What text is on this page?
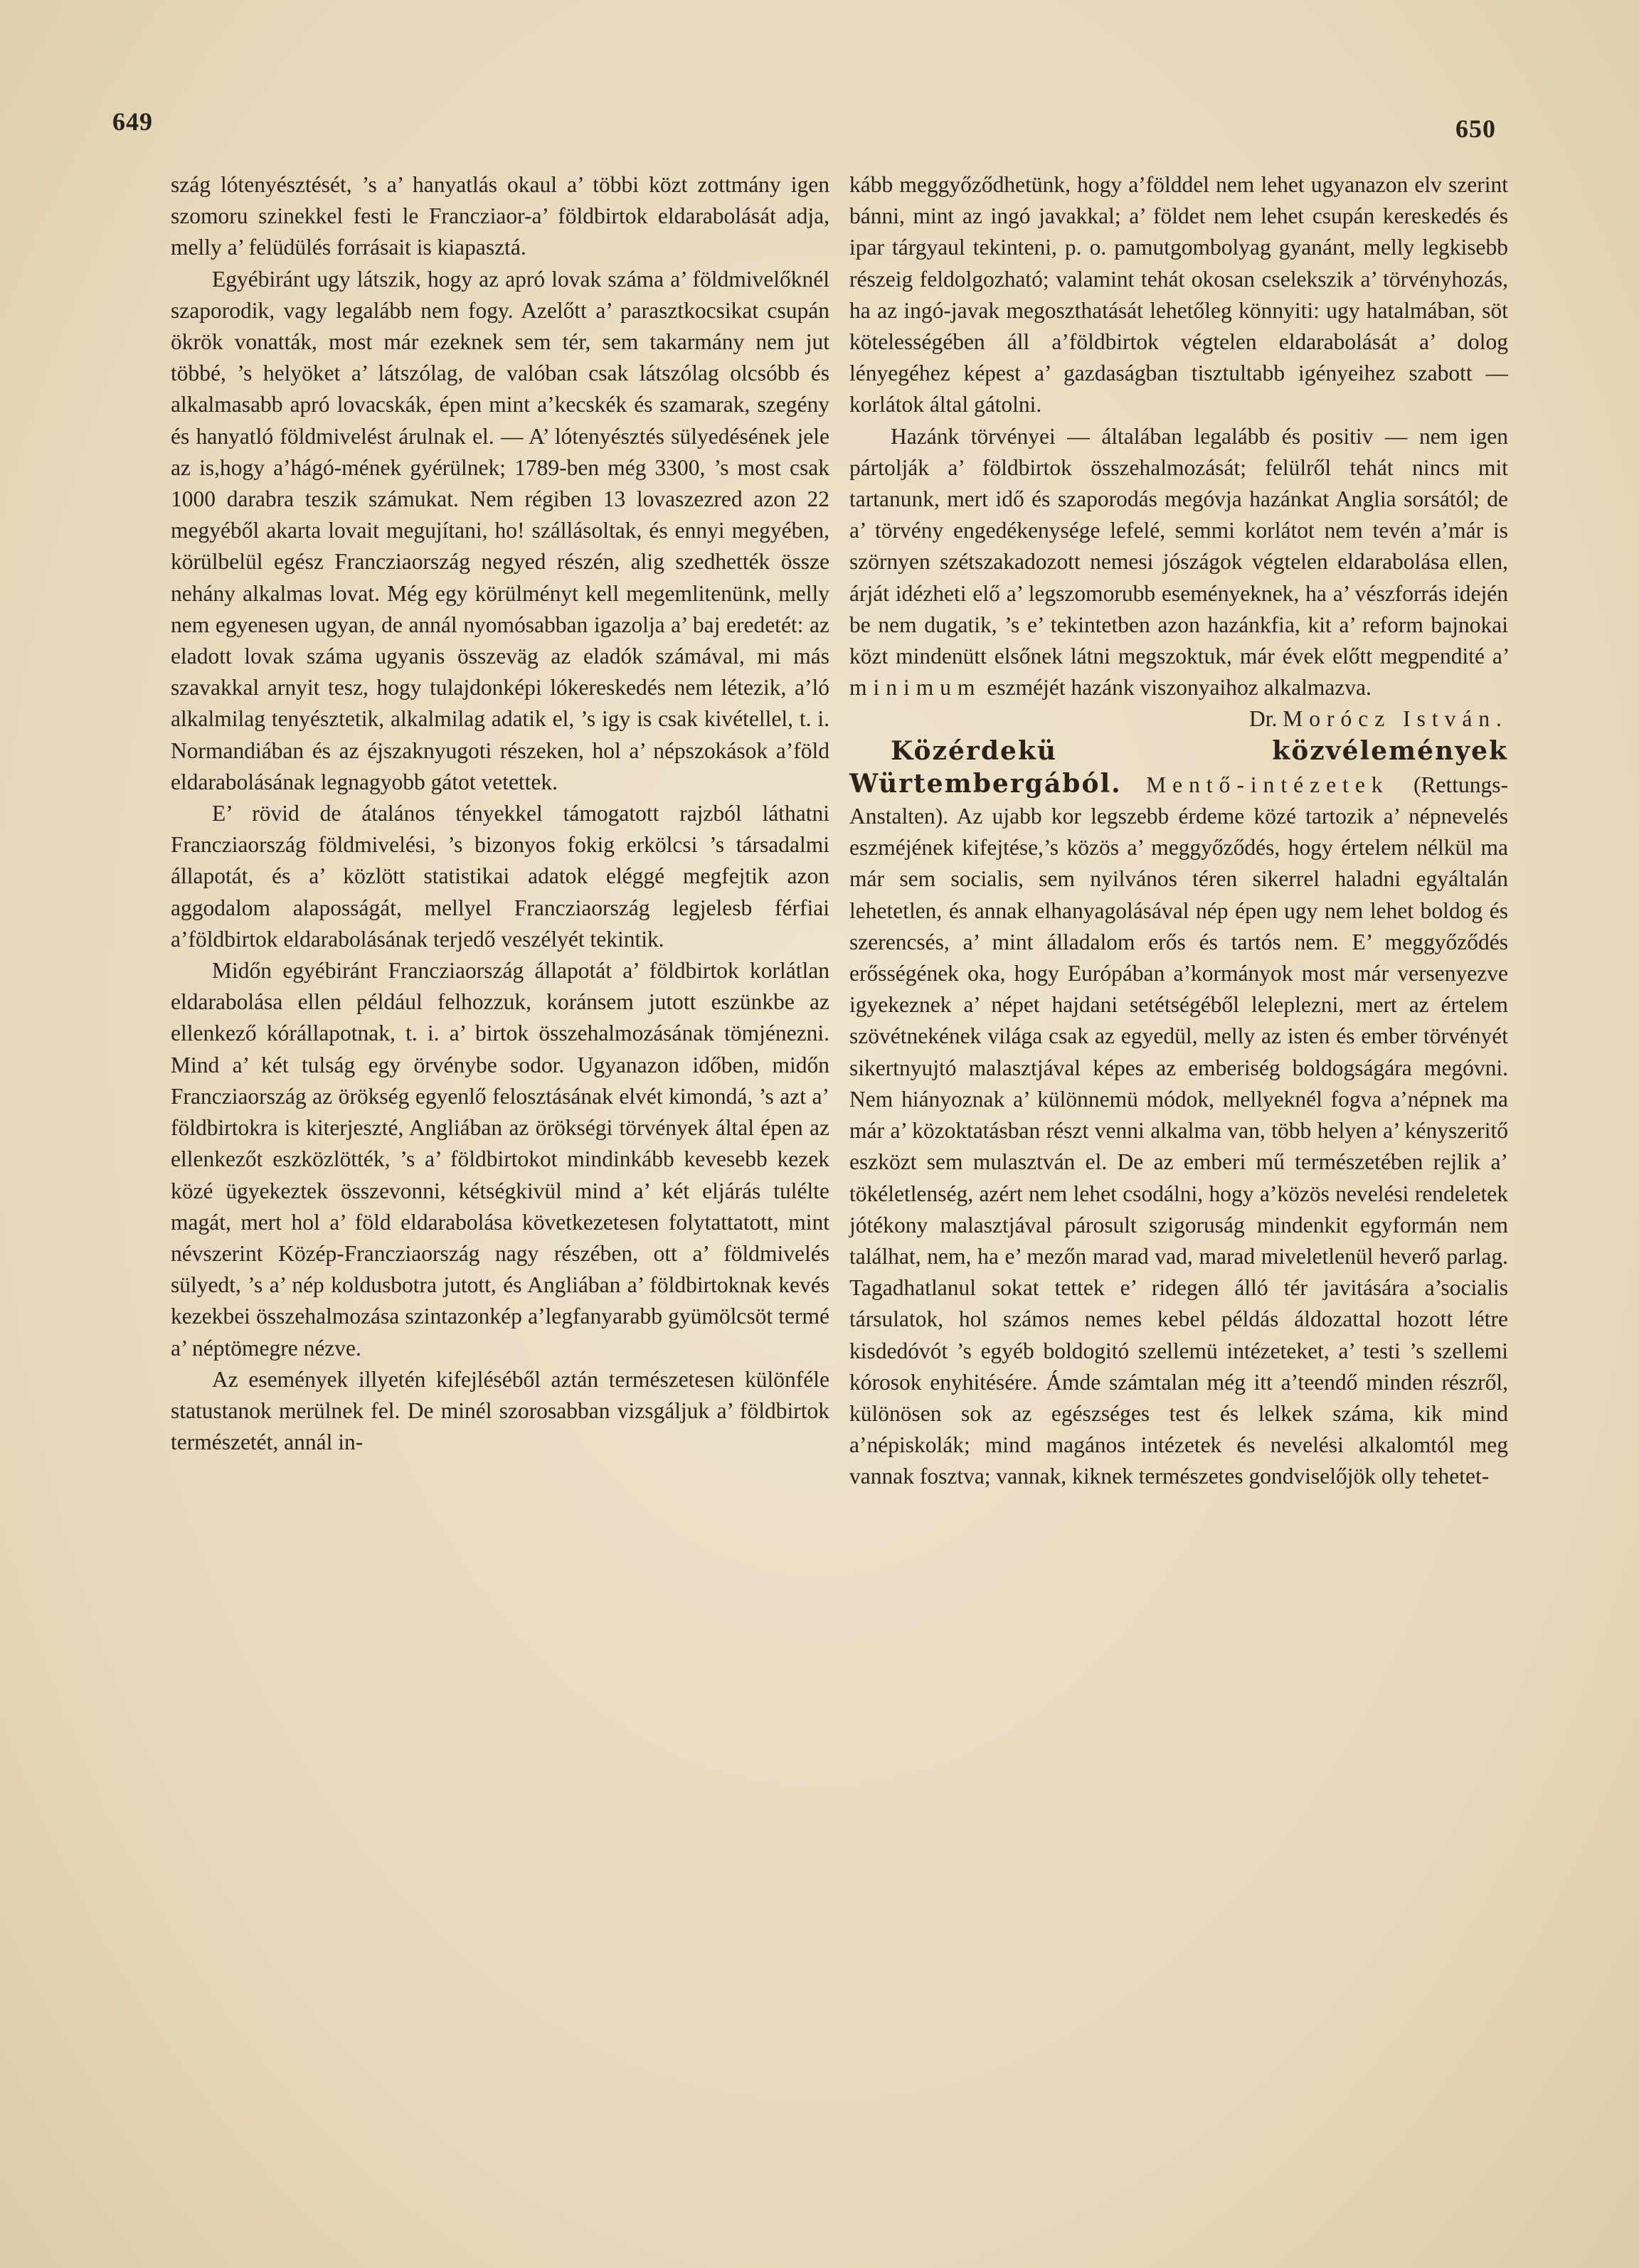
649	650

szág lótenyésztését, ’s a’ hanyatlás okaul a’ többi közt zottmány igen szomoru szinekkel festi le Francziaor-a’ földbirtok eldarabolását adja, melly a’ felüdülés forrásait is kiapasztá.

Egyébiránt ugy látszik, hogy az apró lovak száma a’ földmivelőknél szaporodik, vagy legalább nem fogy. Azelőtt a’ parasztkocsikat csupán ökrök vonatták, most már ezeknek sem tér, sem takarmány nem jut többé, ’s helyöket a’ látszólag, de valóban csak látszólag olcsóbb és alkalmasabb apró lovacskák, épen mint a’kecskék és szamarak, szegény és hanyatló földmivelést árulnak el. — A’ lótenyésztés sülyedésének jele az is,hogy a’hágó-mének gyérülnek; 1789-ben még 3300, ’s most csak 1000 darabra teszik számukat. Nem régiben 13 lovaszezred azon 22 megyéből akarta lovait megujítani, ho! szállásoltak, és ennyi megyében, körülbelül egész Francziaország negyed részén, alig szedhették össze nehány alkalmas lovat. Még egy körülményt kell megemlitenünk, melly nem egyenesen ugyan, de annál nyomósabban igazolja a’ baj eredetét: az eladott lovak száma ugyanis összeväg az eladók számával, mi más szavakkal arnyit tesz, hogy tulajdonképi lókereskedés nem létezik, a’ló alkalmilag tenyésztetik, alkalmilag adatik el, ’s igy is csak kivétellel, t. i. Normandiában és az éjszaknyugoti részeken, hol a’ népszokások a’föld eldarabolásának legnagyobb gátot vetettek.

E’ rövid de átalános tényekkel támogatott rajzból láthatni Francziaország földmivelési, ’s bizonyos fokig erkölcsi ’s társadalmi állapotát, és a’ közlött statistikai adatok eléggé megfejtik azon aggodalom alaposságát, mellyel Francziaország legjelesb férfiai a’földbirtok eldarabolásának terjedő veszélyét tekintik.

Midőn egyébiránt Francziaország állapotát a’ földbirtok korlátlan eldarabolása ellen például felhozzuk, koránsem jutott eszünkbe az ellenkező kórállapotnak, t. i. a’ birtok összehalmozásának tömjénezni. Mind a’ két tulság egy örvénybe sodor. Ugyanazon időben, midőn Francziaország az örökség egyenlő felosztásának elvét kimondá, ’s azt a’ földbirtokra is kiterjeszté, Angliában az örökségi törvények által épen az ellenkezőt eszközlötték, ’s a’ földbirtokot mindinkább kevesebb kezek közé ügyekeztek összevonni, kétségkivül mind a’ két eljárás tulélte magát, mert hol a’ föld eldarabolása következetesen folytattatott, mint névszerint Közép-Francziaország nagy részében, ott a’ földmivelés sülyedt, ’s a’ nép koldusbotra jutott, és Angliában a’ földbirtoknak kevés kezekbei összehalmozása szintazonkép a’legfanyarabb gyümölcsöt termé a’ néptömegre nézve.

Az események illyetén kifejléséből aztán természetesen különféle statustanok merülnek fel. De minél szorosabban vizsgáljuk a’ földbirtok természetét, annál in-

kább meggyőződhetünk, hogy a’földdel nem lehet ugyanazon elv szerint bánni, mint az ingó javakkal; a’ földet nem lehet csupán kereskedés és ipar tárgyaul tekinteni, p. o. pamutgombolyag gyanánt, melly legkisebb részeig feldolgozható; valamint tehát okosan cselekszik a’ törvényhozás, ha az ingó-javak megoszthatását lehetőleg könnyiti: ugy hatalmában, söt kötelességében áll a’földbirtok végtelen eldarabolását a’ dolog lényegéhez képest a’ gazdaságban tisztultabb igényeihez szabott — korlátok által gátolni.

Hazánk törvényei — általában legalább és positiv — nem igen pártolják a’ földbirtok összehalmozását; felülről tehát nincs mit tartanunk, mert idő és szaporodás megóvja hazánkat Anglia sorsától; de a’ törvény engedékenysége lefelé, semmi korlátot nem tevén a’már is szörnyen szétszakadozott nemesi jószágok végtelen eldarabolása ellen, árját idézheti elő a’ legszomorubb eseményeknek, ha a’ vészforrás idején be nem dugatik, ’s e’ tekintetben azon hazánkfia, kit a’ reform bajnokai közt mindenütt elsőnek látni megszoktuk, már évek előtt megpendité a’ minimum eszméjét hazánk viszonyaihoz alkalmazva.

Dr. Morócz István.

Közérdekü közvélemények Würtembergából. Mentő-intézetek (Rettungs-Anstalten). Az ujabb kor legszebb érdeme közé tartozik a’ népnevelés eszméjének kifejtése,’s közös a’ meggyőződés, hogy értelem nélkül ma már sem socialis, sem nyilvános téren sikerrel haladni egyáltalán lehetetlen, és annak elhanyagolásával nép épen ugy nem lehet boldog és szerencsés, a’ mint álladalom erős és tartós nem. E’ meggyőződés erősségének oka, hogy Európában a’kormányok most már versenyezve igyekeznek a’ népet hajdani setétségéből leleplezni, mert az értelem szövétnekének világa csak az egyedül, melly az isten és ember törvényét sikertnyujtó malasztjával képes az emberiség boldogságára megóvni. Nem hiányoznak a’ különnemü módok, mellyeknél fogva a’népnek ma már a’ közoktatásban részt venni alkalma van, több helyen a’ kényszeritő eszközt sem mulasztván el. De az emberi mű természetében rejlik a’ tökéletlenség, azért nem lehet csodálni, hogy a’közös nevelési rendeletek jótékony malasztjával párosult szigoruság mindenkit egyformán nem találhat, nem, ha e’ mezőn marad vad, marad miveletlenül heverő parlag. Tagadhatlanul sokat tettek e’ ridegen álló tér javitására a’socialis társulatok, hol számos nemes kebel példás áldozattal hozott létre kisdedóvót ’s egyéb boldogitó szellemü intézeteket, a’ testi ’s szellemi kórosok enyhitésére. Ámde számtalan még itt a’teendő minden részről, különösen sok az egészséges test és lelkek száma, kik mind a’népiskolák; mind magános intézetek és nevelési alkalomtól meg vannak fosztva; vannak, kiknek természetes gondviselőjök olly tehetet-
